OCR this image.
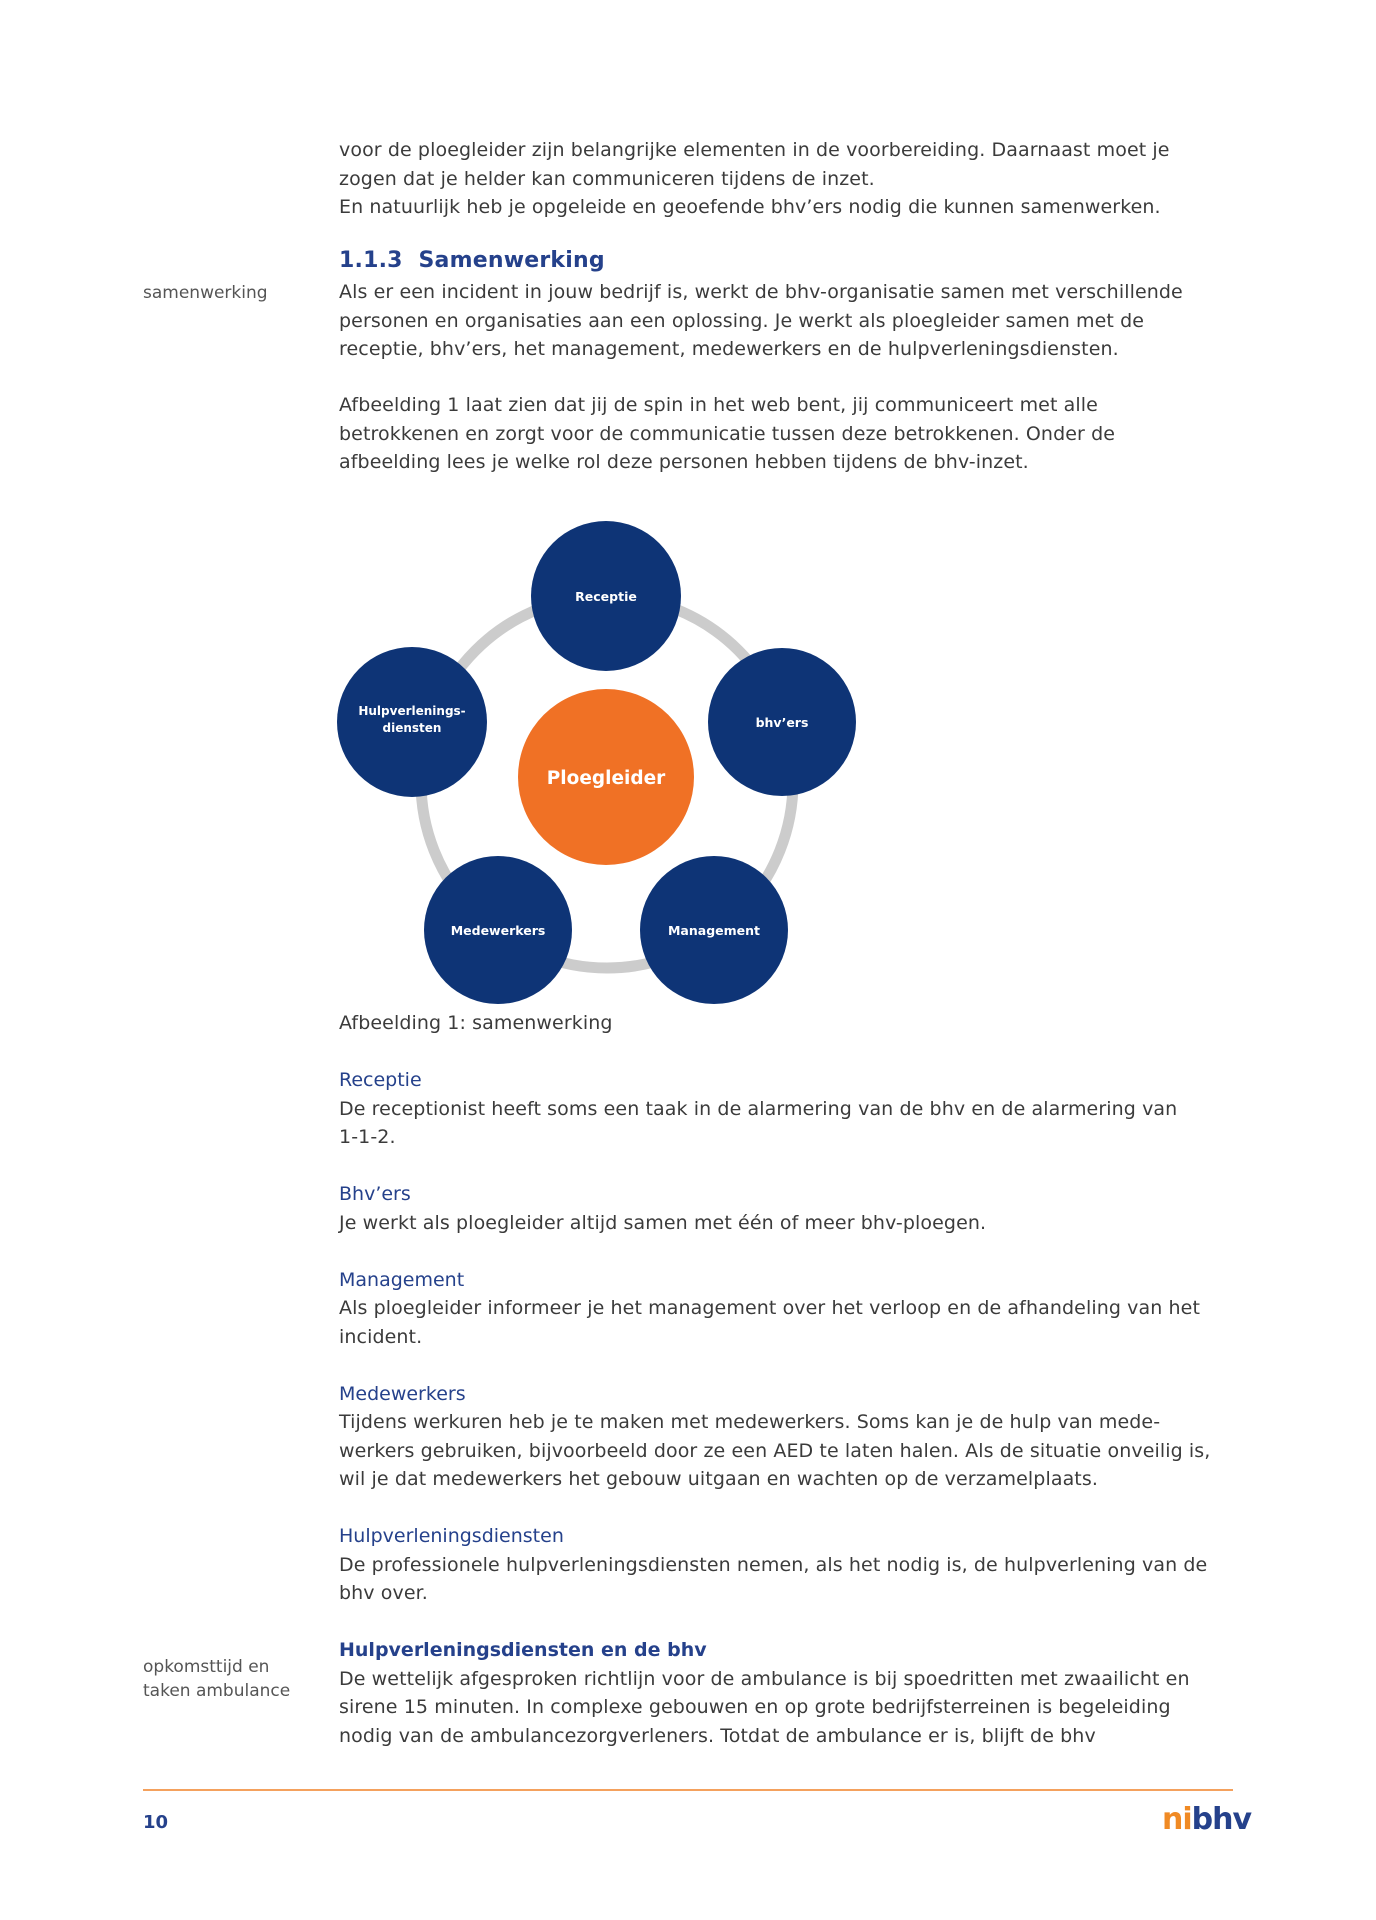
voor de ploegleider zijn belangrijke elementen in de voorbereiding. Daarnaast moet je
zogen dat je helder kan communiceren tijdens de inzet.
En natuurlijk heb je opgeleide en geoefende bhv’ers nodig die kunnen samenwerken.
1.1.3 Samenwerking
samenwerking	Als er een incident in jouw bedrijf is, werkt de bhv-organisatie samen met verschillende
personen en organisaties aan een oplossing. Je werkt als ploegleider samen met de
receptie, bhv’ers, het management, medewerkers en de hulpverleningsdiensten.
Afbeelding 1 laat zien dat jij de spin in het web bent, jij communiceert met alle
betrokkenen en zorgt voor de communicatie tussen deze betrokkenen. Onder de
afbeelding lees je welke rol deze personen hebben tijdens de bhv-inzet.
Receptie
bhv’ers
Management
Medewerkers
Hulpverlenings-
diensten
Ploegleider
Afbeelding 1: samenwerking
Receptie
De receptionist heeft soms een taak in de alarmering van de bhv en de alarmering van
1-1-2.
Bhv’ers
Je werkt als ploegleider altijd samen met één of meer bhv-ploegen.
Management
Als ploegleider informeer je het management over het verloop en de afhandeling van het
incident.
Medewerkers
Tijdens werkuren heb je te maken met medewerkers. Soms kan je de hulp van mede-
werkers gebruiken, bijvoorbeeld door ze een AED te laten halen. Als de situatie onveilig is,
wil je dat medewerkers het gebouw uitgaan en wachten op de verzamelplaats.
Hulpverleningsdiensten
De professionele hulpverleningsdiensten nemen, als het nodig is, de hulpverlening van de
bhv over.
Hulpverleningsdiensten en de bhv
De wettelijk afgesproken richtlijn voor de ambulance is bij spoedritten met zwaailicht en
sirene 15 minuten. In complexe gebouwen en op grote bedrijfsterreinen is begeleiding
nodig van de ambulancezorgverleners. Totdat de ambulance er is, blijft de bhv
opkomsttijd en
taken ambulance
10	nibhv
